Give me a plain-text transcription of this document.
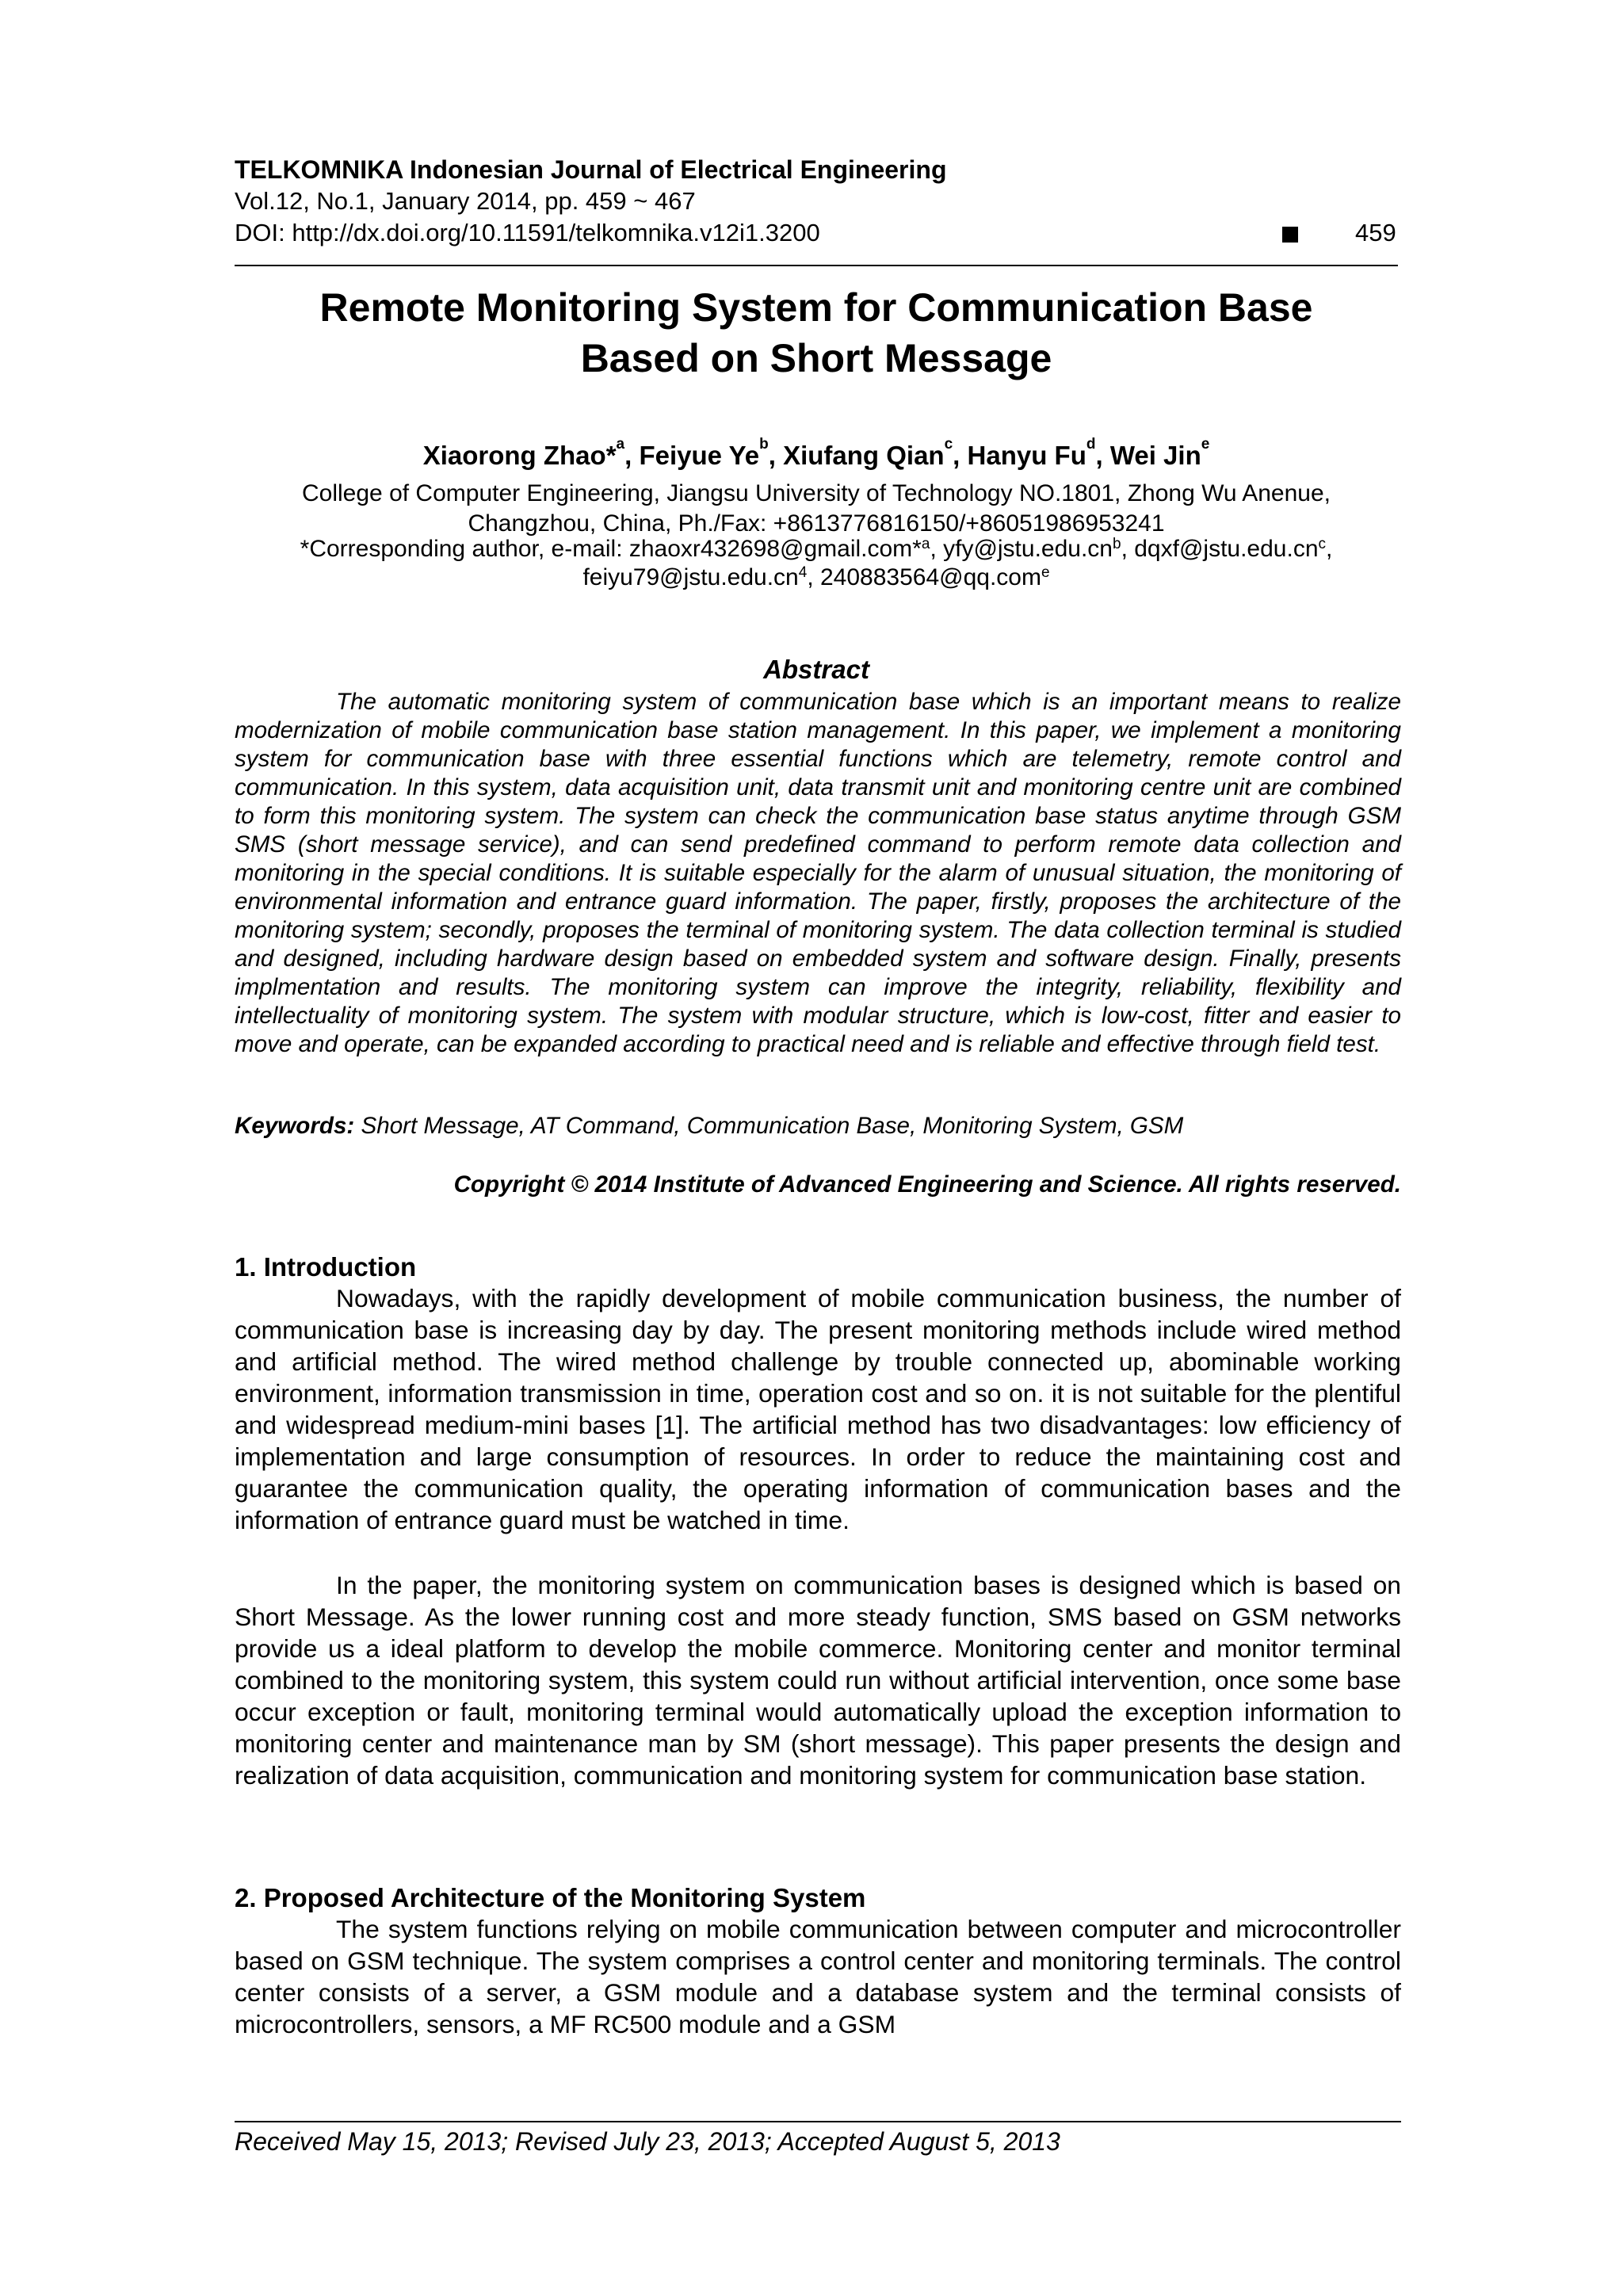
TELKOMNIKA Indonesian Journal of Electrical Engineering
Vol.12, No.1, January 2014, pp. 459 ~ 467
DOI: http://dx.doi.org/10.11591/telkomnika.v12i1.3200	459
Remote Monitoring System for Communication Base
Based on Short Message
Xiaorong Zhao*$^a$, Feiyue Ye$^b$, Xiufang Qian$^c$, Hanyu Fu$^d$, Wei Jin$^e$
College of Computer Engineering, Jiangsu University of Technology NO.1801, Zhong Wu Anenue,
Changzhou, China, Ph./Fax: +8613776816150/+86051986953241
*Corresponding author, e-mail: zhaoxr432698@gmail.com*$^a$, $yfy@jstu.edu.cn^b$, $dqxf@jstu.edu.cn^c$,
$feiyu79@jstu.edu.cn^4$, 240883564@qq.com$^e$
Abstract

The automatic monitoring system of communication base which is an important means to realize modernization of mobile communication base station management. In this paper, we implement a monitoring system for communication base with three essential functions which are telemetry, remote control and communication. In this system, data acquisition unit, data transmit unit and monitoring centre unit are combined to form this monitoring system. The system can check the communication base status anytime through GSM SMS (short message service), and can send predefined command to perform remote data collection and monitoring in the special conditions. It is suitable especially for the alarm of unusual situation, the monitoring of environmental information and entrance guard information. The paper, firstly, proposes the architecture of the monitoring system; secondly, proposes the terminal of monitoring system. The data collection terminal is studied and designed, including hardware design based on embedded system and software design. Finally, presents implmentation and results. The monitoring system can improve the integrity, reliability, flexibility and intellectuality of monitoring system. The system with modular structure, which is low-cost, fitter and easier to move and operate, can be expanded according to practical need and is reliable and effective through field test.

Keywords: Short Message, AT Command, Communication Base, Monitoring System, GSM
Copyright © 2014 Institute of Advanced Engineering and Science. All rights reserved.
1. Introduction

Nowadays, with the rapidly development of mobile communication business, the number of communication base is increasing day by day. The present monitoring methods include wired method and artificial method. The wired method challenge by trouble connected up, abominable working environment, information transmission in time, operation cost and so on. it is not suitable for the plentiful and widespread medium-mini bases [1]. The artificial method has two disadvantages: low efficiency of implementation and large consumption of resources. In order to reduce the maintaining cost and guarantee the communication quality, the operating information of communication bases and the information of entrance guard must be watched in time.

In the paper, the monitoring system on communication bases is designed which is based on Short Message. As the lower running cost and more steady function, SMS based on GSM networks provide us a ideal platform to develop the mobile commerce. Monitoring center and monitor terminal combined to the monitoring system, this system could run without artificial intervention, once some base occur exception or fault, monitoring terminal would automatically upload the exception information to monitoring center and maintenance man by SM (short message). This paper presents the design and realization of data acquisition, communication and monitoring system for communication base station.

2. Proposed Architecture of the Monitoring System

The system functions relying on mobile communication between computer and microcontroller based on GSM technique. The system comprises a control center and monitoring terminals. The control center consists of a server, a GSM module and a database system and the terminal consists of microcontrollers, sensors, a MF RC500 module and a GSM

Received May 15, 2013; Revised July 23, 2013; Accepted August 5, 2013
